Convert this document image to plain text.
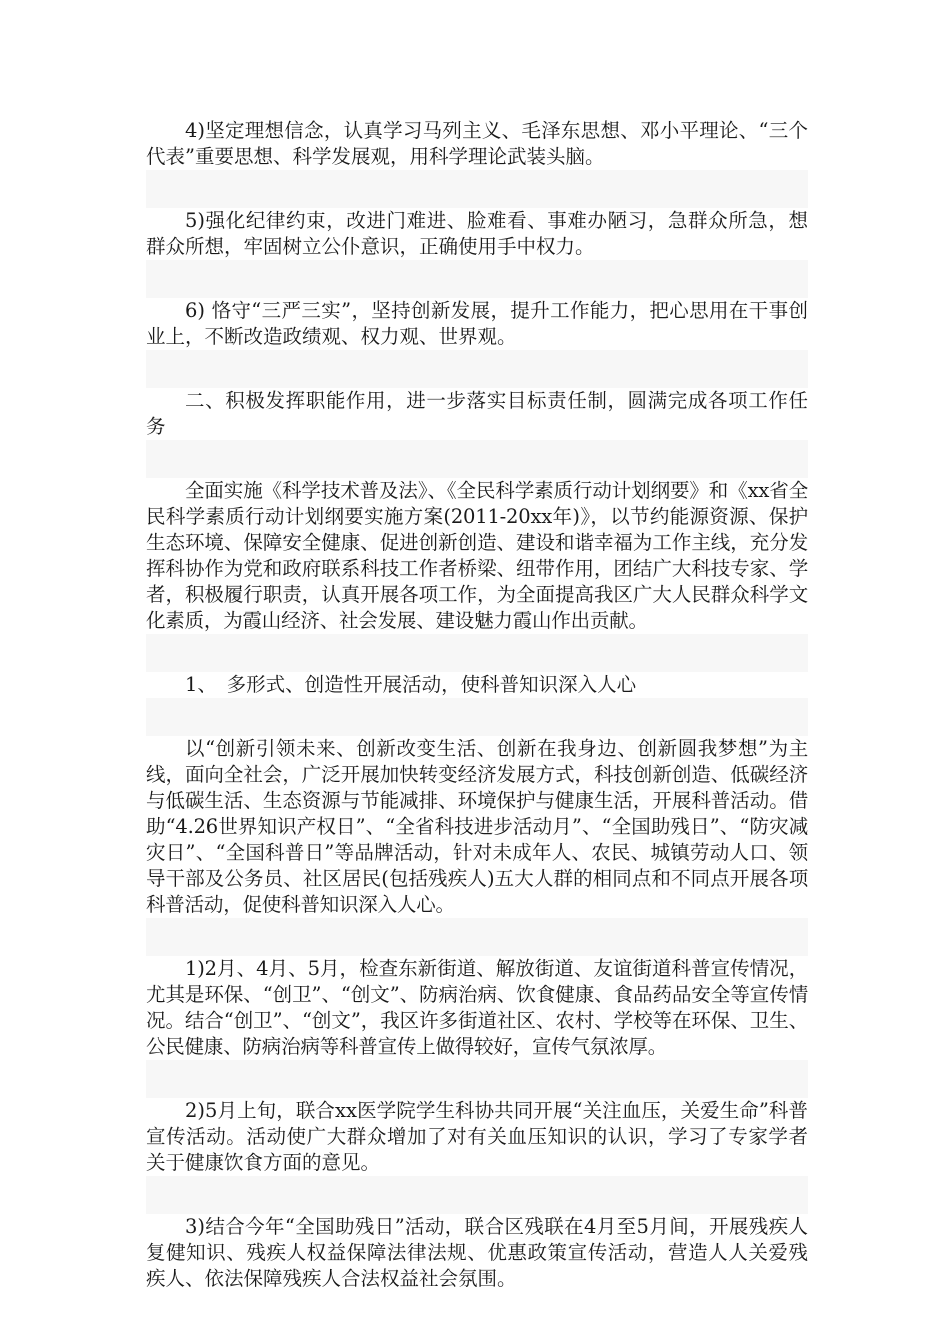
4)坚定理想信念，认真学习马列主义、毛泽东思想、邓小平理论、“三个代表”重要思想、科学发展观，用科学理论武装头脑。

5)强化纪律约束，改进门难进、脸难看、事难办陋习，急群众所急，想群众所想，牢固树立公仆意识，正确使用手中权力。

6) 恪守“三严三实”，坚持创新发展，提升工作能力，把心思用在干事创业上，不断改造政绩观、权力观、世界观。

二、积极发挥职能作用，进一步落实目标责任制，圆满完成各项工作任务

全面实施《科学技术普及法》、《全民科学素质行动计划纲要》和《xx省全民科学素质行动计划纲要实施方案(2011-20xx年)》，以节约能源资源、保护生态环境、保障安全健康、促进创新创造、建设和谐幸福为工作主线，充分发挥科协作为党和政府联系科技工作者桥梁、纽带作用，团结广大科技专家、学者，积极履行职责，认真开展各项工作，为全面提高我区广大人民群众科学文化素质，为霞山经济、社会发展、建设魅力霞山作出贡献。

1、　多形式、创造性开展活动，使科普知识深入人心

以“创新引领未来、创新改变生活、创新在我身边、创新圆我梦想”为主线，面向全社会，广泛开展加快转变经济发展方式，科技创新创造、低碳经济与低碳生活、生态资源与节能减排、环境保护与健康生活，开展科普活动。借助“4.26世界知识产权日”、“全省科技进步活动月”、“全国助残日”、“防灾减灾日”、“全国科普日”等品牌活动，针对未成年人、农民、城镇劳动人口、领导干部及公务员、社区居民(包括残疾人)五大人群的相同点和不同点开展各项科普活动，促使科普知识深入人心。

1)2月、4月、5月，检查东新街道、解放街道、友谊街道科普宣传情况，尤其是环保、“创卫”、“创文”、防病治病、饮食健康、食品药品安全等宣传情况。结合“创卫”、“创文”，我区许多街道社区、农村、学校等在环保、卫生、公民健康、防病治病等科普宣传上做得较好，宣传气氛浓厚。

2)5月上旬，联合xx医学院学生科协共同开展“关注血压，关爱生命”科普宣传活动。活动使广大群众增加了对有关血压知识的认识，学习了专家学者关于健康饮食方面的意见。

3)结合今年“全国助残日”活动，联合区残联在4月至5月间，开展残疾人复健知识、残疾人权益保障法律法规、优惠政策宣传活动，营造人人关爱残疾人、依法保障残疾人合法权益社会氛围。
